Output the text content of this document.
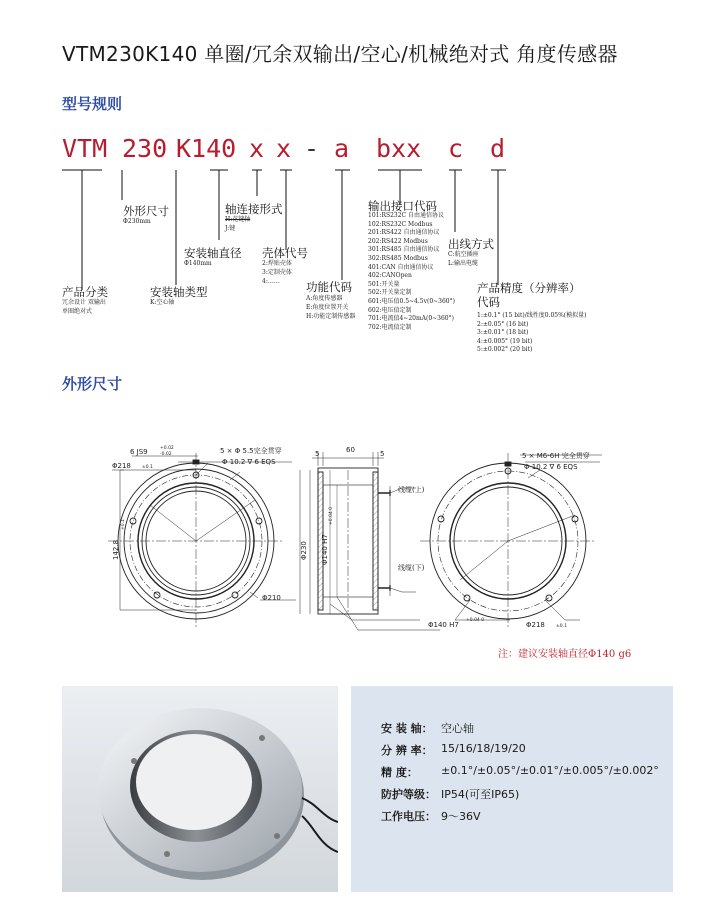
VTM230K140 单圈/冗余双输出/空心/机械绝对式 角度传感器
型号规则
VTM 230 K140 x x - a bxx c d
外形尺寸
Φ230mm
轴连接形式
H:花键轴
J:键
安装轴直径
Φ140mm
壳体代号
2:焊贴壳体
3:定制壳体
4:……
产品分类
冗余设计 双输出
单圈绝对式
安装轴类型
K:空心轴
功能代码
A:角度传感器
E:角度位置开关
H:功能定制传感器
输出接口代码
101:RS232C 自由通信协议
102:RS232C Modbus
201:RS422 自由通信协议
202:RS422 Modbus
301:RS485 自由通信协议
302:RS485 Modbus
401:CAN 自由通信协议
402:CANOpen
501:开关量
502:开关量定制
601:电压值0.5~4.5v(0~360°)
602:电压值定制
701:电流值4~20mA(0~360°)
702:电流值定制
出线方式
C:航空插座
L:输出电缆
产品精度（分辨率）代码
1:±0.1° (15 bit)/线性度0.05%(模拟量)
2:±0.05° (16 bit)
3:±0.01° (18 bit)
4:±0.005° (19 bit)
5:±0.002° (20 bit)
外形尺寸
6 JS9	+0.02
-0.02	5 × Φ 5.5完全贯穿
Φ 10.2 ∇ 6 EQS
Φ218 ±0.1
142.8
+0.1
5	60	5
Φ230 Φ140 H7
+0.04 0
Φ210
线缆(上)
线缆(下)
5 × M6-6H 完全贯穿
Φ 10.2 ∇ 6 EQS
Φ140 H7
+0.04 0
Φ218 ±0.1
注：建议安装轴直径Φ140 g6
安 装 轴： 空心轴
分 辨 率： 15/16/18/19/20
精 度：	±0.1°/±0.05°/±0.01°/±0.005°/±0.002°
防护等级： IP54(可至IP65)
工作电压： 9～36V
